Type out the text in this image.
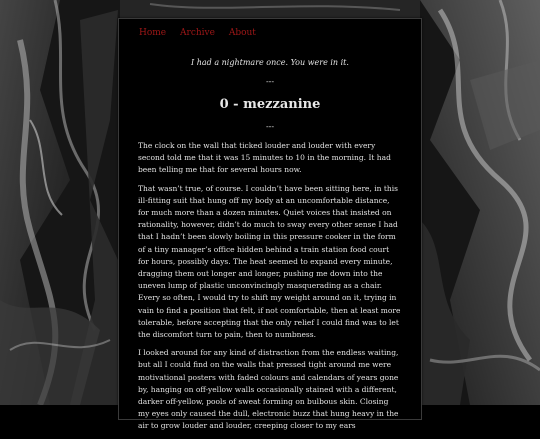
Home Archive About
I had a nightmare once. You were in it.
---
0 - mezzanine
---

The clock on the wall that ticked louder and louder with every second told me that it was 15 minutes to 10 in the morning. It had been telling me that for several hours now.

That wasn’t true, of course. I couldn’t have been sitting here, in this ill-fitting suit that hung off my body at an uncomfortable distance, for much more than a dozen minutes. Quiet voices that insisted on rationality, however, didn’t do much to sway every other sense I had that I hadn’t been slowly boiling in this pressure cooker in the form of a tiny manager’s office hidden behind a train station food court for hours, possibly days. The heat seemed to expand every minute, dragging them out longer and longer, pushing me down into the uneven lump of plastic unconvincingly masquerading as a chair. Every so often, I would try to shift my weight around on it, trying in vain to find a position that felt, if not comfortable, then at least more tolerable, before accepting that the only relief I could find was to let the discomfort turn to pain, then to numbness.

I looked around for any kind of distraction from the endless waiting, but all I could find on the walls that pressed tight around me were motivational posters with faded colours and calendars of years gone by, hanging on off-yellow walls occasionally stained with a different, darker off-yellow, pools of sweat forming on bulbous skin. Closing my eyes only caused the dull, electronic buzz that hung heavy in the air to grow louder and louder, creeping closer to my ears
